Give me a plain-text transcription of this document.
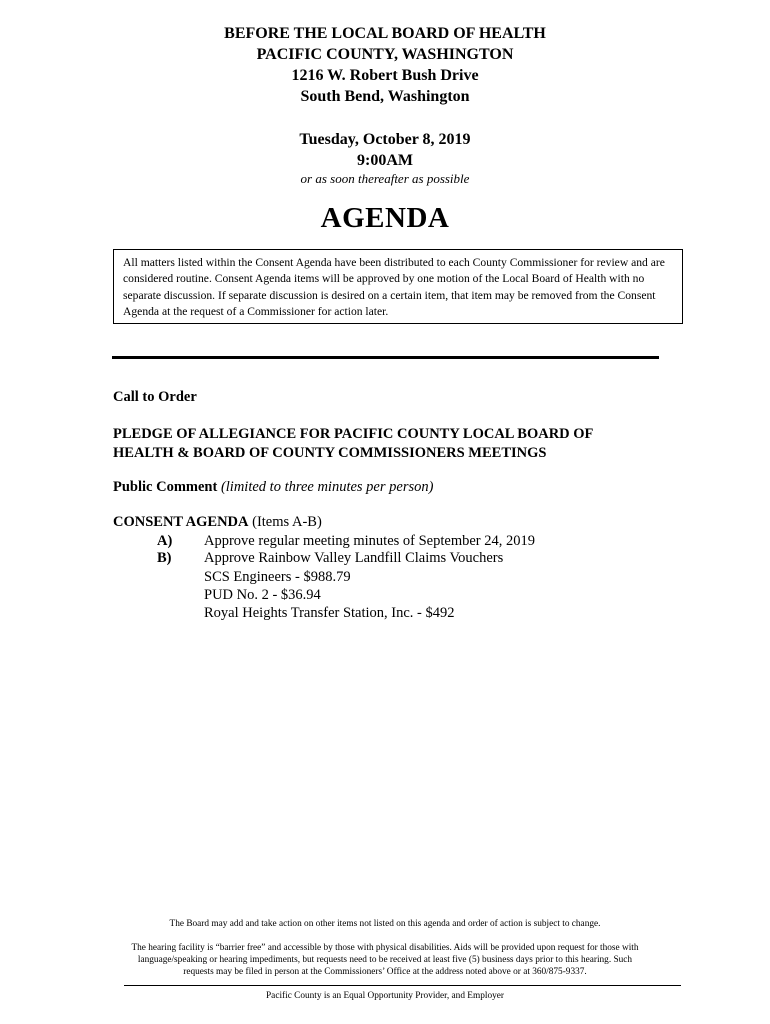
BEFORE THE LOCAL BOARD OF HEALTH
PACIFIC COUNTY, WASHINGTON
1216 W. Robert Bush Drive
South Bend, Washington
Tuesday, October 8, 2019
9:00AM
or as soon thereafter as possible
AGENDA
All matters listed within the Consent Agenda have been distributed to each County Commissioner for review and are considered routine. Consent Agenda items will be approved by one motion of the Local Board of Health with no separate discussion. If separate discussion is desired on a certain item, that item may be removed from the Consent Agenda at the request of a Commissioner for action later.
Call to Order
PLEDGE OF ALLEGIANCE FOR PACIFIC COUNTY LOCAL BOARD OF
HEALTH & BOARD OF COUNTY COMMISSIONERS MEETINGS
Public Comment (limited to three minutes per person)
CONSENT AGENDA (Items A-B)
A) Approve regular meeting minutes of September 24, 2019
B) Approve Rainbow Valley Landfill Claims Vouchers
SCS Engineers - $988.79
PUD No. 2 - $36.94
Royal Heights Transfer Station, Inc. - $492
The Board may add and take action on other items not listed on this agenda and order of action is subject to change.
The hearing facility is “barrier free” and accessible by those with physical disabilities. Aids will be provided upon request for those with
language/speaking or hearing impediments, but requests need to be received at least five (5) business days prior to this hearing. Such
requests may be filed in person at the Commissioners’ Office at the address noted above or at 360/875-9337.
Pacific County is an Equal Opportunity Provider, and Employer
